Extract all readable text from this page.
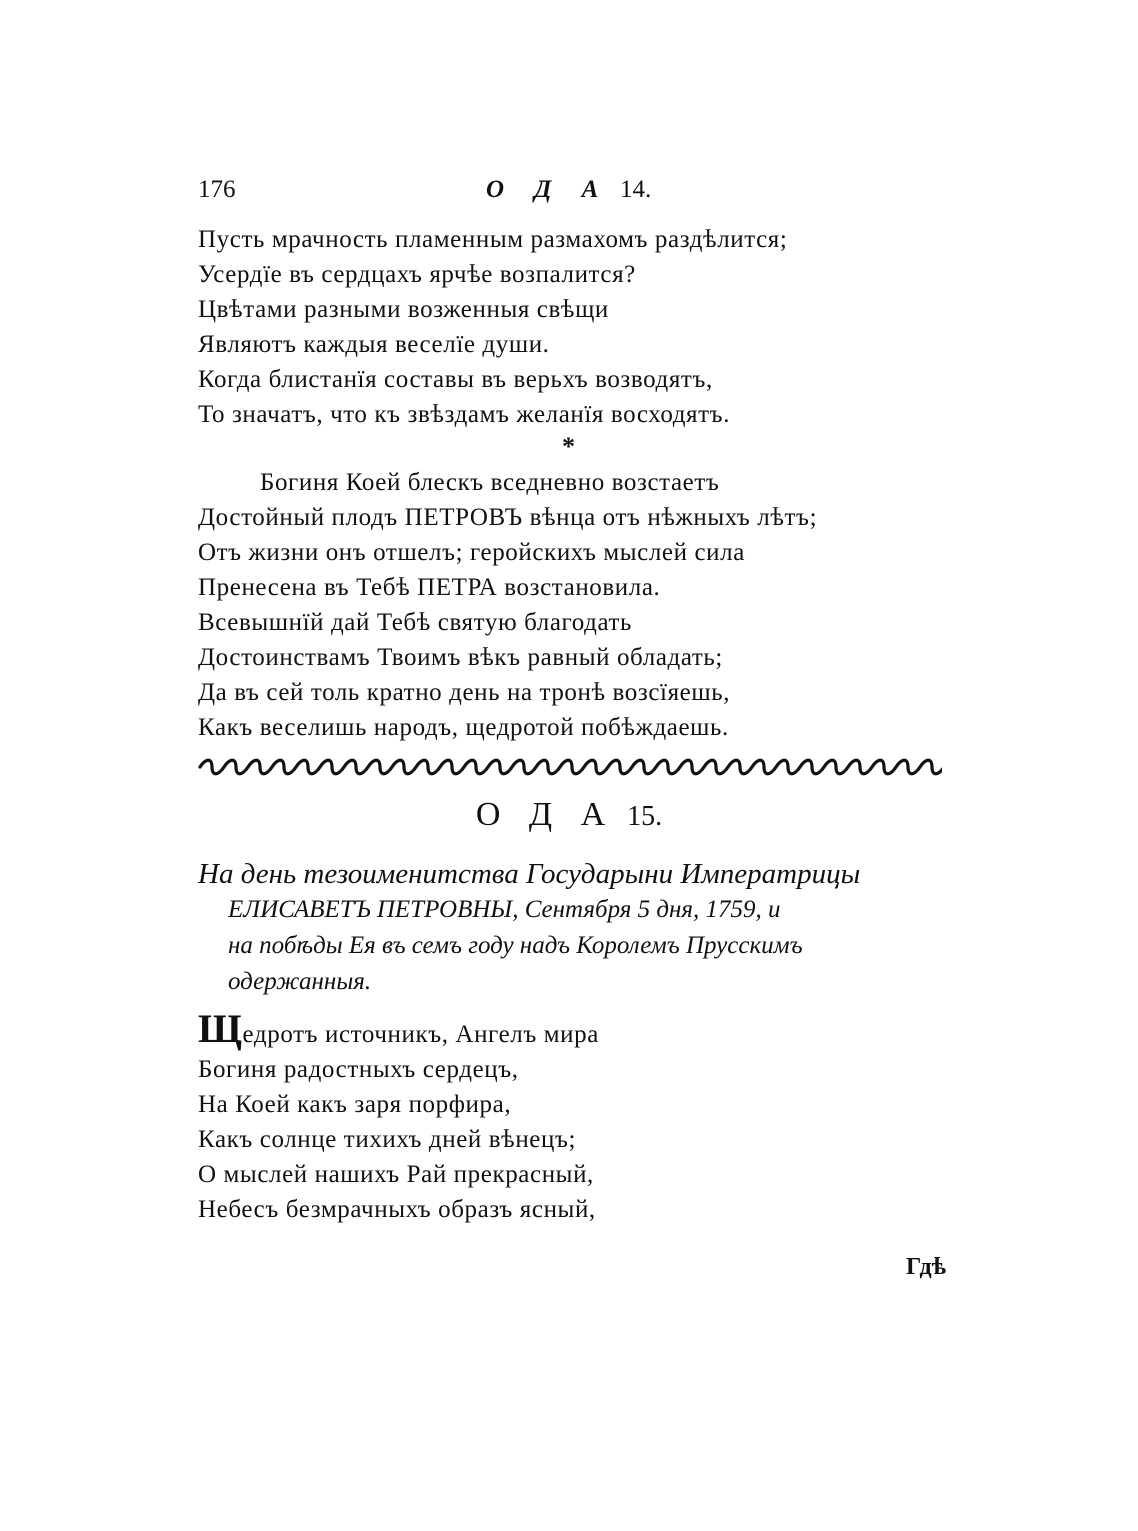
176	О Д А 14.
Пусть мрачность пламенным размахомъ раздѣлится;
Усердїе въ сердцахъ ярчѣе возпалится?
Цвѣтами разными возженныя свѣщи
Являютъ каждыя веселїе души.
Когда блистанїя составы въ верьхъ возводятъ,
То значатъ, что къ звѣздамъ желанїя восходятъ.
*
Богиня Коей блескъ вседневно возстаетъ
Достойный плодъ ПЕТРОВЪ вѣнца отъ нѣжныхъ лѣтъ;
Отъ жизни онъ отшелъ; геройскихъ мыслей сила
Пренесена въ Тебѣ ПЕТРА возстановила.
Всевышнїй дай Тебѣ святую благодать
Достоинствамъ Твоимъ вѣкъ равный обладать;
Да въ сей толь кратно день на тронѣ возсїяешь,
Какъ веселишь народъ, щедротой побѣждаешь.
О Д А 15.
На день тезоименитства Государыни Императрицы
ЕЛИСАВЕТЪ ПЕТРОВНЫ, Сентября 5 дня, 1759, и
на побѣды Ея въ семъ году надъ Королемъ Прусскимъ
одержанныя.
Щедротъ источникъ, Ангелъ мира
Богиня радостныхъ сердецъ,
На Коей какъ заря порфира,
Какъ солнце тихихъ дней вѣнецъ;
О мыслей нашихъ Рай прекрасный,
Небесъ безмрачныхъ образъ ясный,
Гдѣ
